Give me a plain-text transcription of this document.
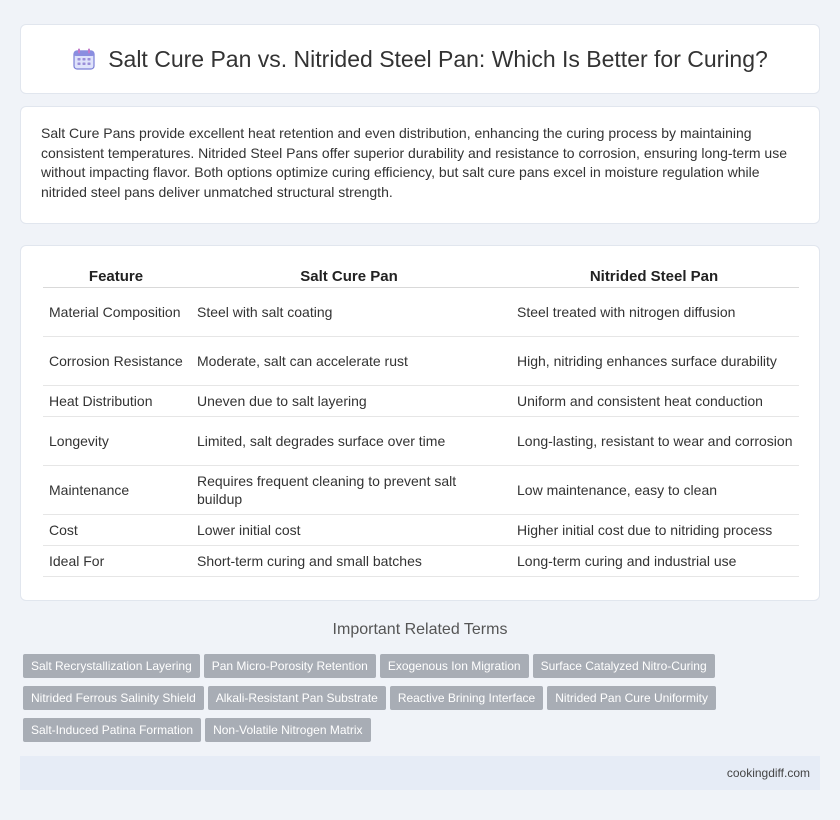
Salt Cure Pan vs. Nitrided Steel Pan: Which Is Better for Curing?

Salt Cure Pans provide excellent heat retention and even distribution, enhancing the curing process by maintaining consistent temperatures. Nitrided Steel Pans offer superior durability and resistance to corrosion, ensuring long-term use without impacting flavor. Both options optimize curing efficiency, but salt cure pans excel in moisture regulation while nitrided steel pans deliver unmatched structural strength.

Feature	Salt Cure Pan	Nitrided Steel Pan
Material Composition	Steel with salt coating	Steel treated with nitrogen diffusion
Corrosion Resistance	Moderate, salt can accelerate rust	High, nitriding enhances surface durability
Heat Distribution	Uneven due to salt layering	Uniform and consistent heat conduction
Longevity	Limited, salt degrades surface over time	Long-lasting, resistant to wear and corrosion
Maintenance	Requires frequent cleaning to prevent salt buildup	Low maintenance, easy to clean
Cost	Lower initial cost	Higher initial cost due to nitriding process
Ideal For	Short-term curing and small batches	Long-term curing and industrial use
Important Related Terms
Salt Recrystallization Layering Pan Micro-Porosity Retention Exogenous Ion Migration Surface Catalyzed Nitro-Curing
Nitrided Ferrous Salinity Shield Alkali-Resistant Pan Substrate Reactive Brining Interface Nitrided Pan Cure Uniformity
Salt-Induced Patina Formation Non-Volatile Nitrogen Matrix
cookingdiff.com
